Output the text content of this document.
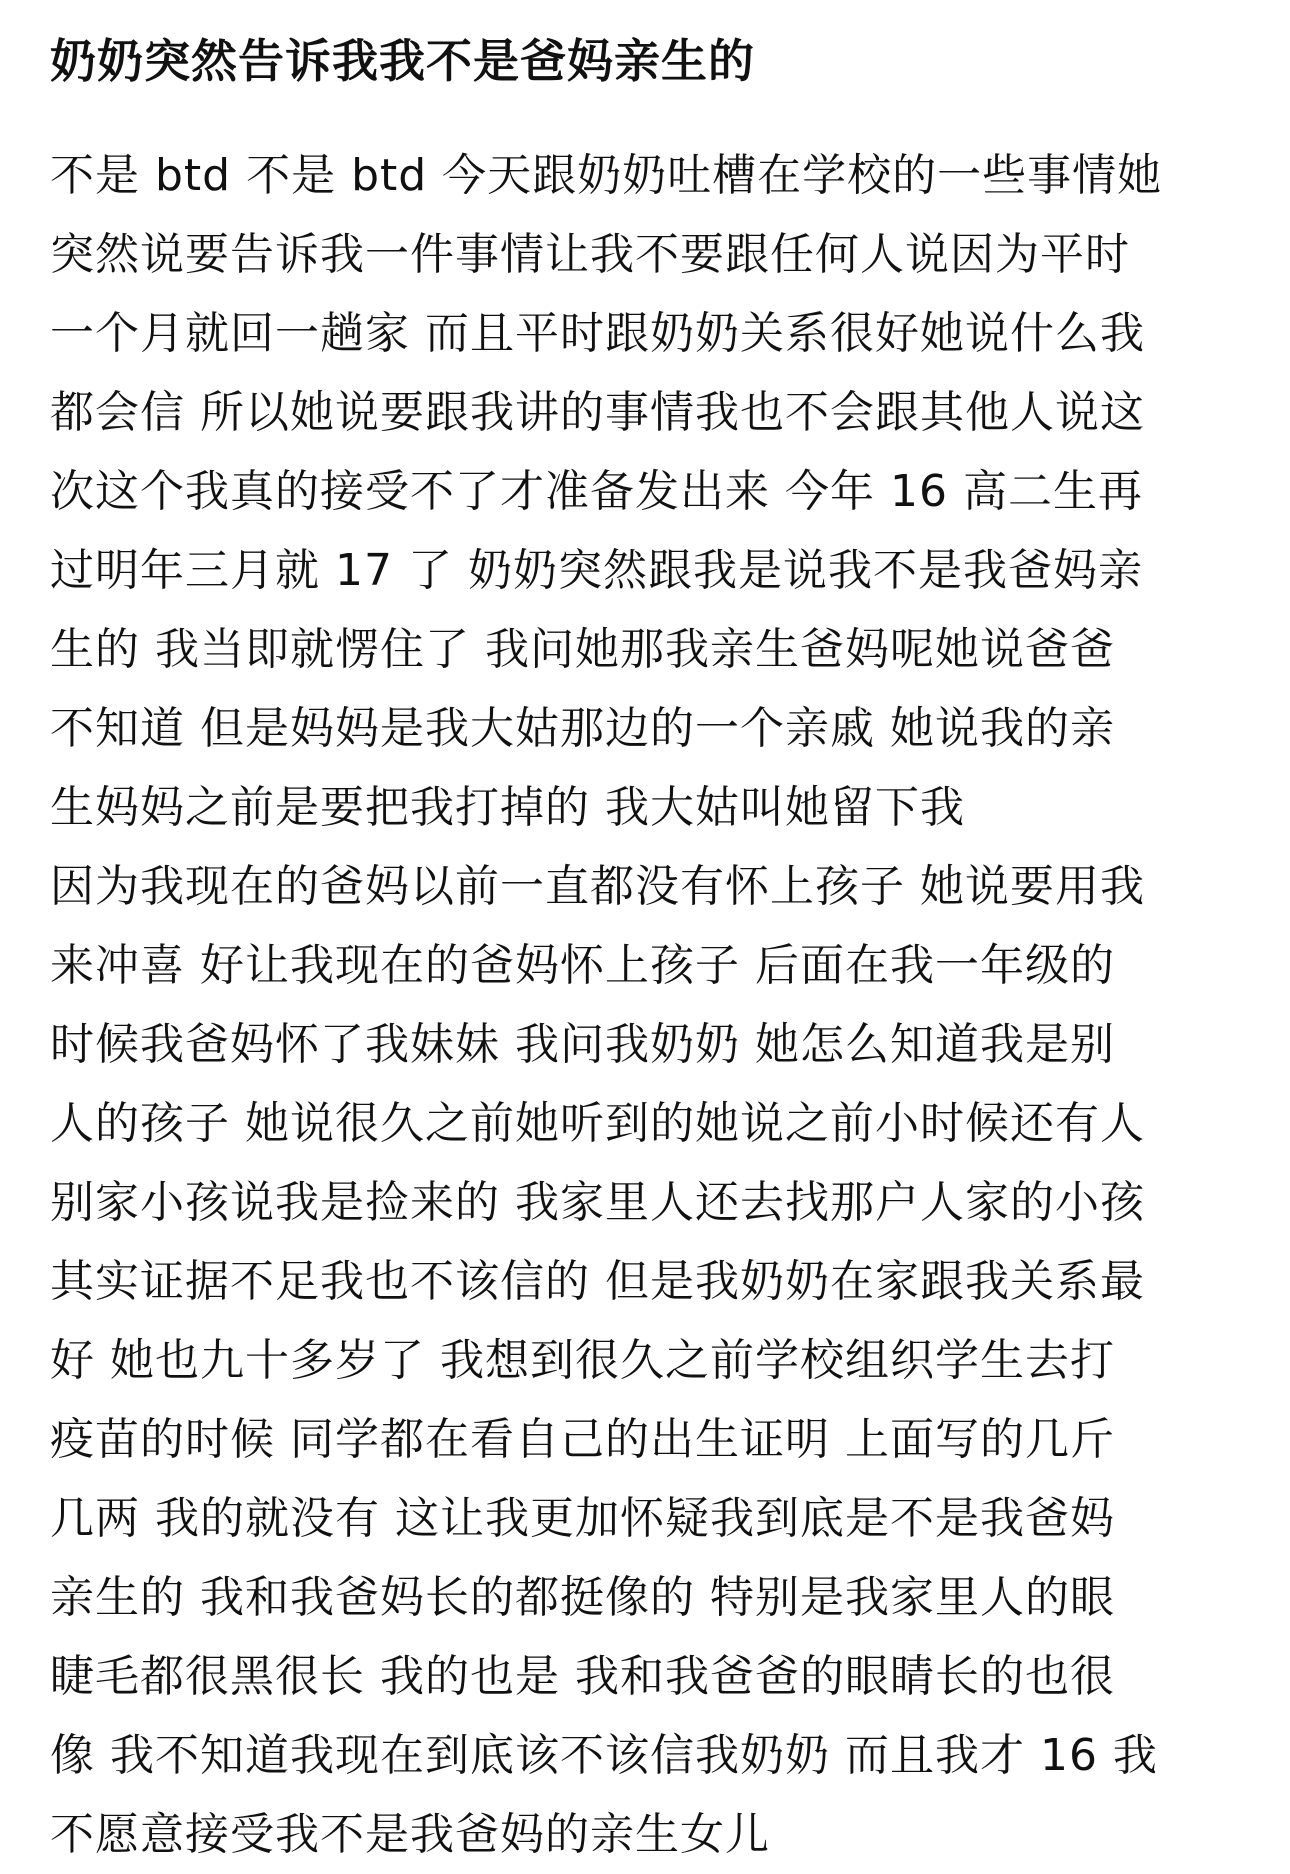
奶奶突然告诉我我不是爸妈亲生的
不是 btd 不是 btd 今天跟奶奶吐槽在学校的一些事情她
突然说要告诉我一件事情让我不要跟任何人说因为平时
一个月就回一趟家 而且平时跟奶奶关系很好她说什么我
都会信 所以她说要跟我讲的事情我也不会跟其他人说这
次这个我真的接受不了才准备发出来 今年 16 高二生再
过明年三月就 17 了 奶奶突然跟我是说我不是我爸妈亲
生的 我当即就愣住了 我问她那我亲生爸妈呢她说爸爸
不知道 但是妈妈是我大姑那边的一个亲戚 她说我的亲
生妈妈之前是要把我打掉的 我大姑叫她留下我
因为我现在的爸妈以前一直都没有怀上孩子 她说要用我
来冲喜 好让我现在的爸妈怀上孩子 后面在我一年级的
时候我爸妈怀了我妹妹 我问我奶奶 她怎么知道我是别
人的孩子 她说很久之前她听到的她说之前小时候还有人
别家小孩说我是捡来的 我家里人还去找那户人家的小孩
其实证据不足我也不该信的 但是我奶奶在家跟我关系最
好 她也九十多岁了 我想到很久之前学校组织学生去打
疫苗的时候 同学都在看自己的出生证明 上面写的几斤
几两 我的就没有 这让我更加怀疑我到底是不是我爸妈
亲生的 我和我爸妈长的都挺像的 特别是我家里人的眼
睫毛都很黑很长 我的也是 我和我爸爸的眼睛长的也很
像 我不知道我现在到底该不该信我奶奶 而且我才 16 我
不愿意接受我不是我爸妈的亲生女儿
